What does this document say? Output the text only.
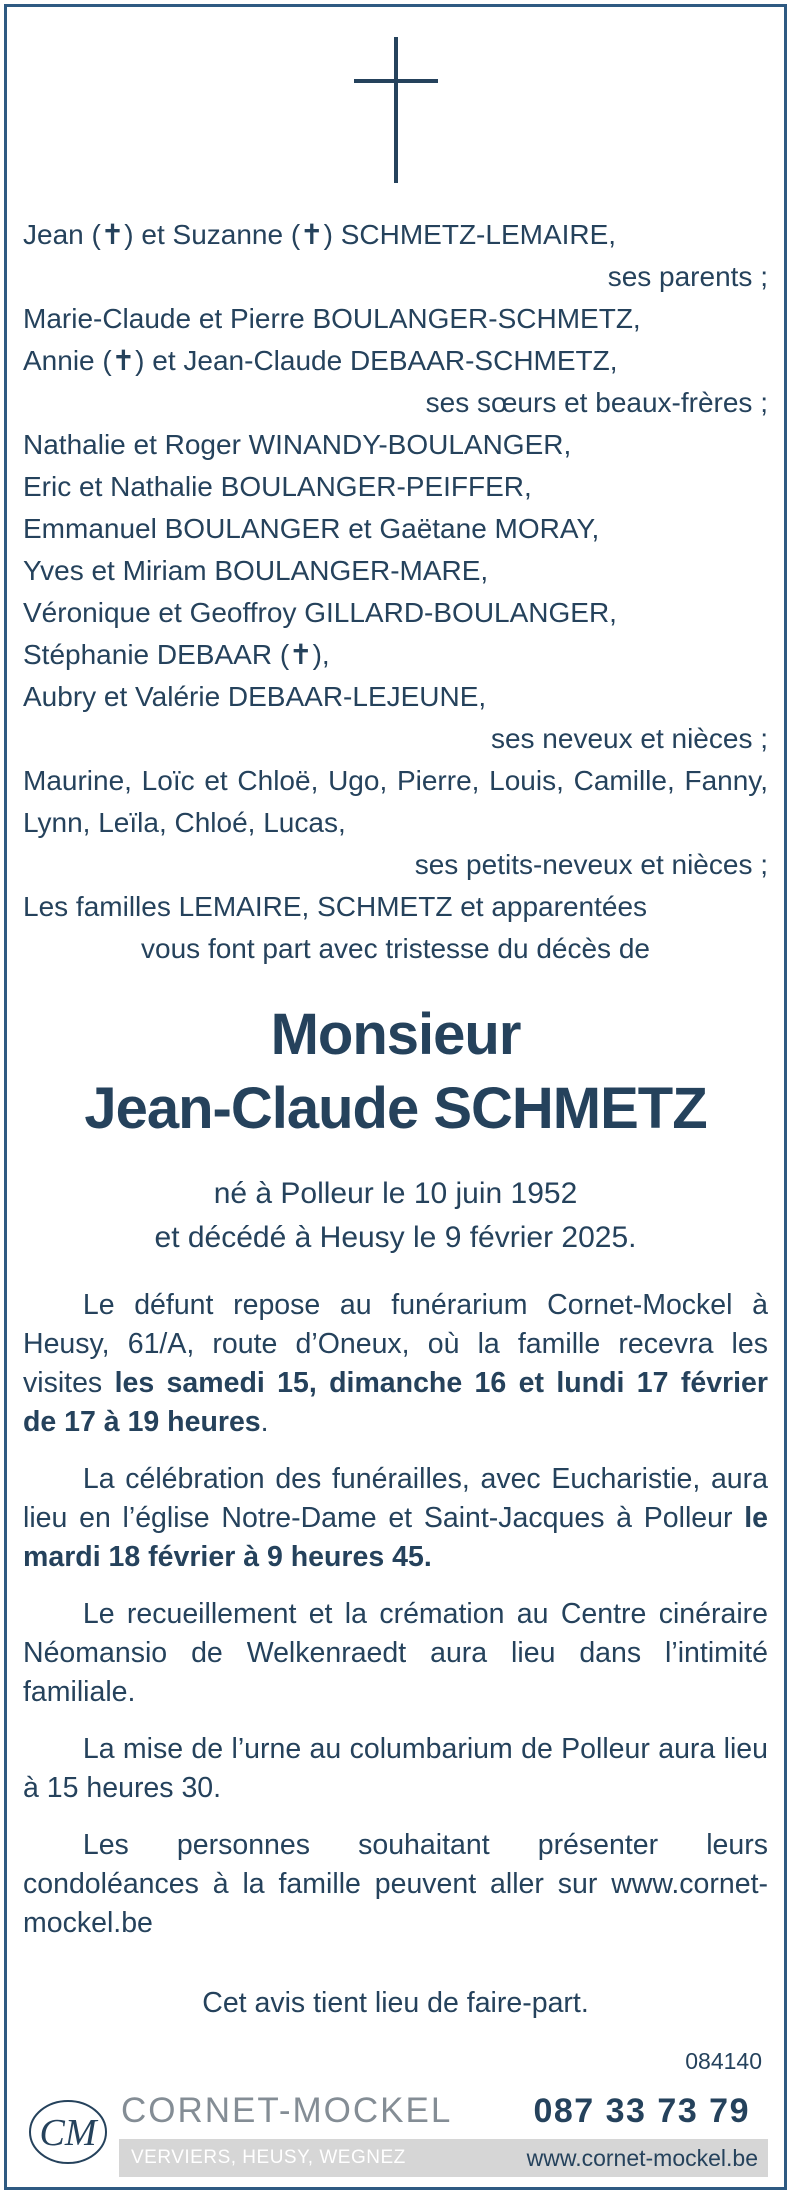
Jean (✝) et Suzanne (✝) SCHMETZ-LEMAIRE,
ses parents ;
Marie-Claude et Pierre BOULANGER-SCHMETZ,
Annie (✝) et Jean-Claude DEBAAR-SCHMETZ,
ses sœurs et beaux-frères ;
Nathalie et Roger WINANDY-BOULANGER,
Eric et Nathalie BOULANGER-PEIFFER,
Emmanuel BOULANGER et Gaëtane MORAY,
Yves et Miriam BOULANGER-MARE,
Véronique et Geoffroy GILLARD-BOULANGER,
Stéphanie DEBAAR (✝),
Aubry et Valérie DEBAAR-LEJEUNE,
ses neveux et nièces ;
Maurine, Loïc et Chloë, Ugo, Pierre, Louis, Camille, Fanny, Lynn, Leïla, Chloé, Lucas,
ses petits-neveux et nièces ;
Les familles LEMAIRE, SCHMETZ et apparentées
vous font part avec tristesse du décès de
Monsieur
Jean-Claude SCHMETZ
né à Polleur le 10 juin 1952
et décédé à Heusy le 9 février 2025.

Le défunt repose au funérarium Cornet-Mockel à Heusy, 61/A, route d’Oneux, où la famille recevra les visites les samedi 15, dimanche 16 et lundi 17 février de 17 à 19 heures.

La célébration des funérailles, avec Eucharistie, aura lieu en l’église Notre-Dame et Saint-Jacques à Polleur le mardi 18 février à 9 heures 45.

Le recueillement et la crémation au Centre cinéraire Néomansio de Welkenraedt aura lieu dans l’intimité familiale.

La mise de l’urne au columbarium de Polleur aura lieu à 15 heures 30.

Les personnes souhaitant présenter leurs condoléances à la famille peuvent aller sur www.cornet-mockel.be

Cet avis tient lieu de faire-part.
084140
CM
CORNET-MOCKEL 087 33 73 79
VERVIERS, HEUSY, WEGNEZ	www.cornet-mockel.be
